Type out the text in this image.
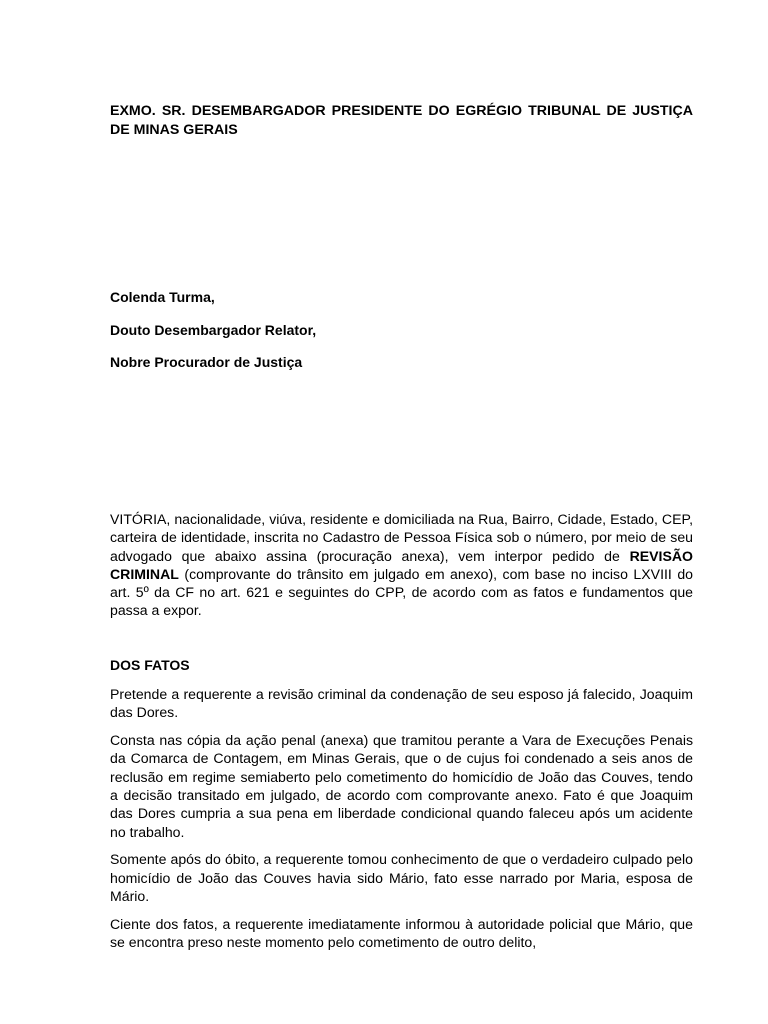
EXMO. SR. DESEMBARGADOR PRESIDENTE DO EGRÉGIO TRIBUNAL DE JUSTIÇA DE MINAS GERAIS

Colenda Turma,

Douto Desembargador Relator,

Nobre Procurador de Justiça

VITÓRIA, nacionalidade, viúva, residente e domiciliada na Rua, Bairro, Cidade, Estado, CEP, carteira de identidade, inscrita no Cadastro de Pessoa Física sob o número, por meio de seu advogado que abaixo assina (procuração anexa), vem interpor pedido de REVISÃO CRIMINAL (comprovante do trânsito em julgado em anexo), com base no inciso LXVIII do art. 5º da CF no art. 621 e seguintes do CPP, de acordo com as fatos e fundamentos que passa a expor.

DOS FATOS

Pretende a requerente a revisão criminal da condenação de seu esposo já falecido, Joaquim das Dores.

Consta nas cópia da ação penal (anexa) que tramitou perante a Vara de Execuções Penais da Comarca de Contagem, em Minas Gerais, que o de cujus foi condenado a seis anos de reclusão em regime semiaberto pelo cometimento do homicídio de João das Couves, tendo a decisão transitado em julgado, de acordo com comprovante anexo. Fato é que Joaquim das Dores cumpria a sua pena em liberdade condicional quando faleceu após um acidente no trabalho.

Somente após do óbito, a requerente tomou conhecimento de que o verdadeiro culpado pelo homicídio de João das Couves havia sido Mário, fato esse narrado por Maria, esposa de Mário.

Ciente dos fatos, a requerente imediatamente informou à autoridade policial que Mário, que se encontra preso neste momento pelo cometimento de outro delito,
